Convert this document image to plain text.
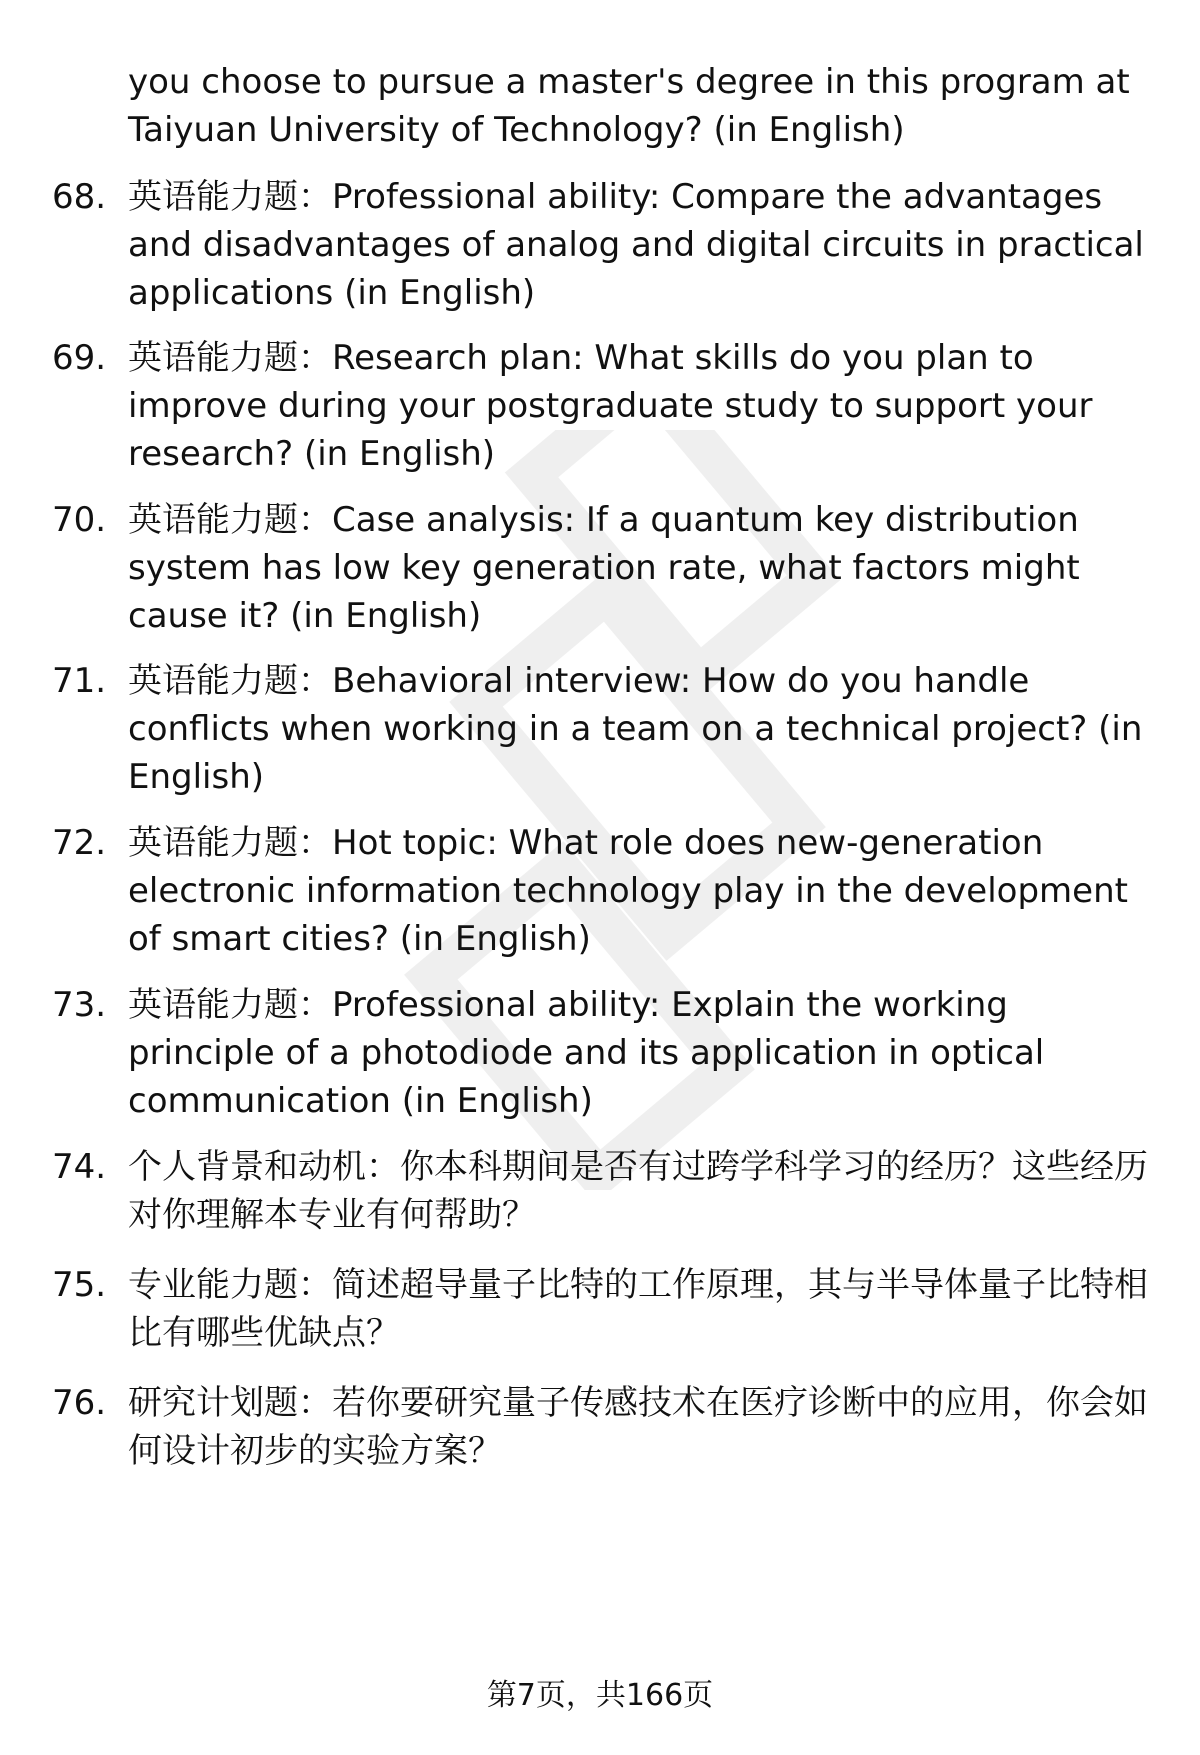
you choose to pursue a master's degree in this program at Taiyuan University of Technology? (in English)
68. 英语能力题：Professional ability: Compare the advantages and disadvantages of analog and digital circuits in practical applications (in English)
69. 英语能力题：Research plan: What skills do you plan to improve during your postgraduate study to support your research? (in English)
70. 英语能力题：Case analysis: If a quantum key distribution system has low key generation rate, what factors might cause it? (in English)
71. 英语能力题：Behavioral interview: How do you handle conflicts when working in a team on a technical project? (in English)
72. 英语能力题：Hot topic: What role does new-generation electronic information technology play in the development of smart cities? (in English)
73. 英语能力题：Professional ability: Explain the working principle of a photodiode and its application in optical communication (in English)
74. 个人背景和动机：你本科期间是否有过跨学科学习的经历？这些经历对你理解本专业有何帮助？
75. 专业能力题：简述超导量子比特的工作原理，其与半导体量子比特相比有哪些优缺点？
76. 研究计划题：若你要研究量子传感技术在医疗诊断中的应用，你会如何设计初步的实验方案？
第7页，共166页
